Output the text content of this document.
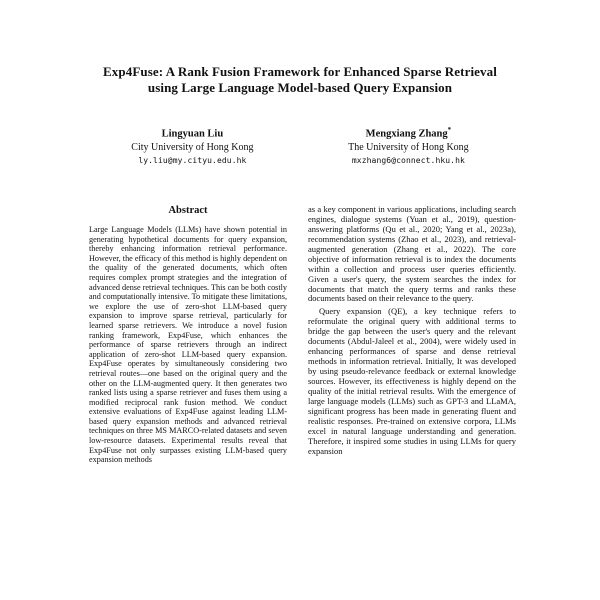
Exp4Fuse: A Rank Fusion Framework for Enhanced Sparse Retrieval
using Large Language Model-based Query Expansion
Lingyuan Liu
City University of Hong Kong
ly.liu@my.cityu.edu.hk
Mengxiang Zhang*
The University of Hong Kong
mxzhang6@connect.hku.hk
Abstract
Large Language Models (LLMs) have shown potential in generating hypothetical documents for query expansion, thereby enhancing information retrieval performance. However, the efficacy of this method is highly dependent on the quality of the generated documents, which often requires complex prompt strategies and the integration of advanced dense retrieval techniques. This can be both costly and computationally intensive. To mitigate these limitations, we explore the use of zero-shot LLM-based query expansion to improve sparse retrieval, particularly for learned sparse retrievers. We introduce a novel fusion ranking framework, Exp4Fuse, which enhances the performance of sparse retrievers through an indirect application of zero-shot LLM-based query expansion. Exp4Fuse operates by simultaneously considering two retrieval routes—one based on the original query and the other on the LLM-augmented query. It then generates two ranked lists using a sparse retriever and fuses them using a modified reciprocal rank fusion method. We conduct extensive evaluations of Exp4Fuse against leading LLM-based query expansion methods and advanced retrieval techniques on three MS MARCO-related datasets and seven low-resource datasets. Experimental results reveal that Exp4Fuse not only surpasses existing LLM-based query expansion methods
as a key component in various applications, including search engines, dialogue systems (Yuan et al., 2019), question-answering platforms (Qu et al., 2020; Yang et al., 2023a), recommendation systems (Zhao et al., 2023), and retrieval-augmented generation (Zhang et al., 2022). The core objective of information retrieval is to index the documents within a collection and process user queries efficiently. Given a user's query, the system searches the index for documents that match the query terms and ranks these documents based on their relevance to the query.
Query expansion (QE), a key technique refers to reformulate the original query with additional terms to bridge the gap between the user's query and the relevant documents (Abdul-Jaleel et al., 2004), were widely used in enhancing performances of sparse and dense retrieval methods in information retrieval. Initially, It was developed by using pseudo-relevance feedback or external knowledge sources. However, its effectiveness is highly depend on the quality of the initial retrieval results. With the emergence of large language models (LLMs) such as GPT-3 and LLaMA, significant progress has been made in generating fluent and realistic responses. Pre-trained on extensive corpora, LLMs excel in natural language understanding and generation. Therefore, it inspired some studies in using LLMs for query expansion
